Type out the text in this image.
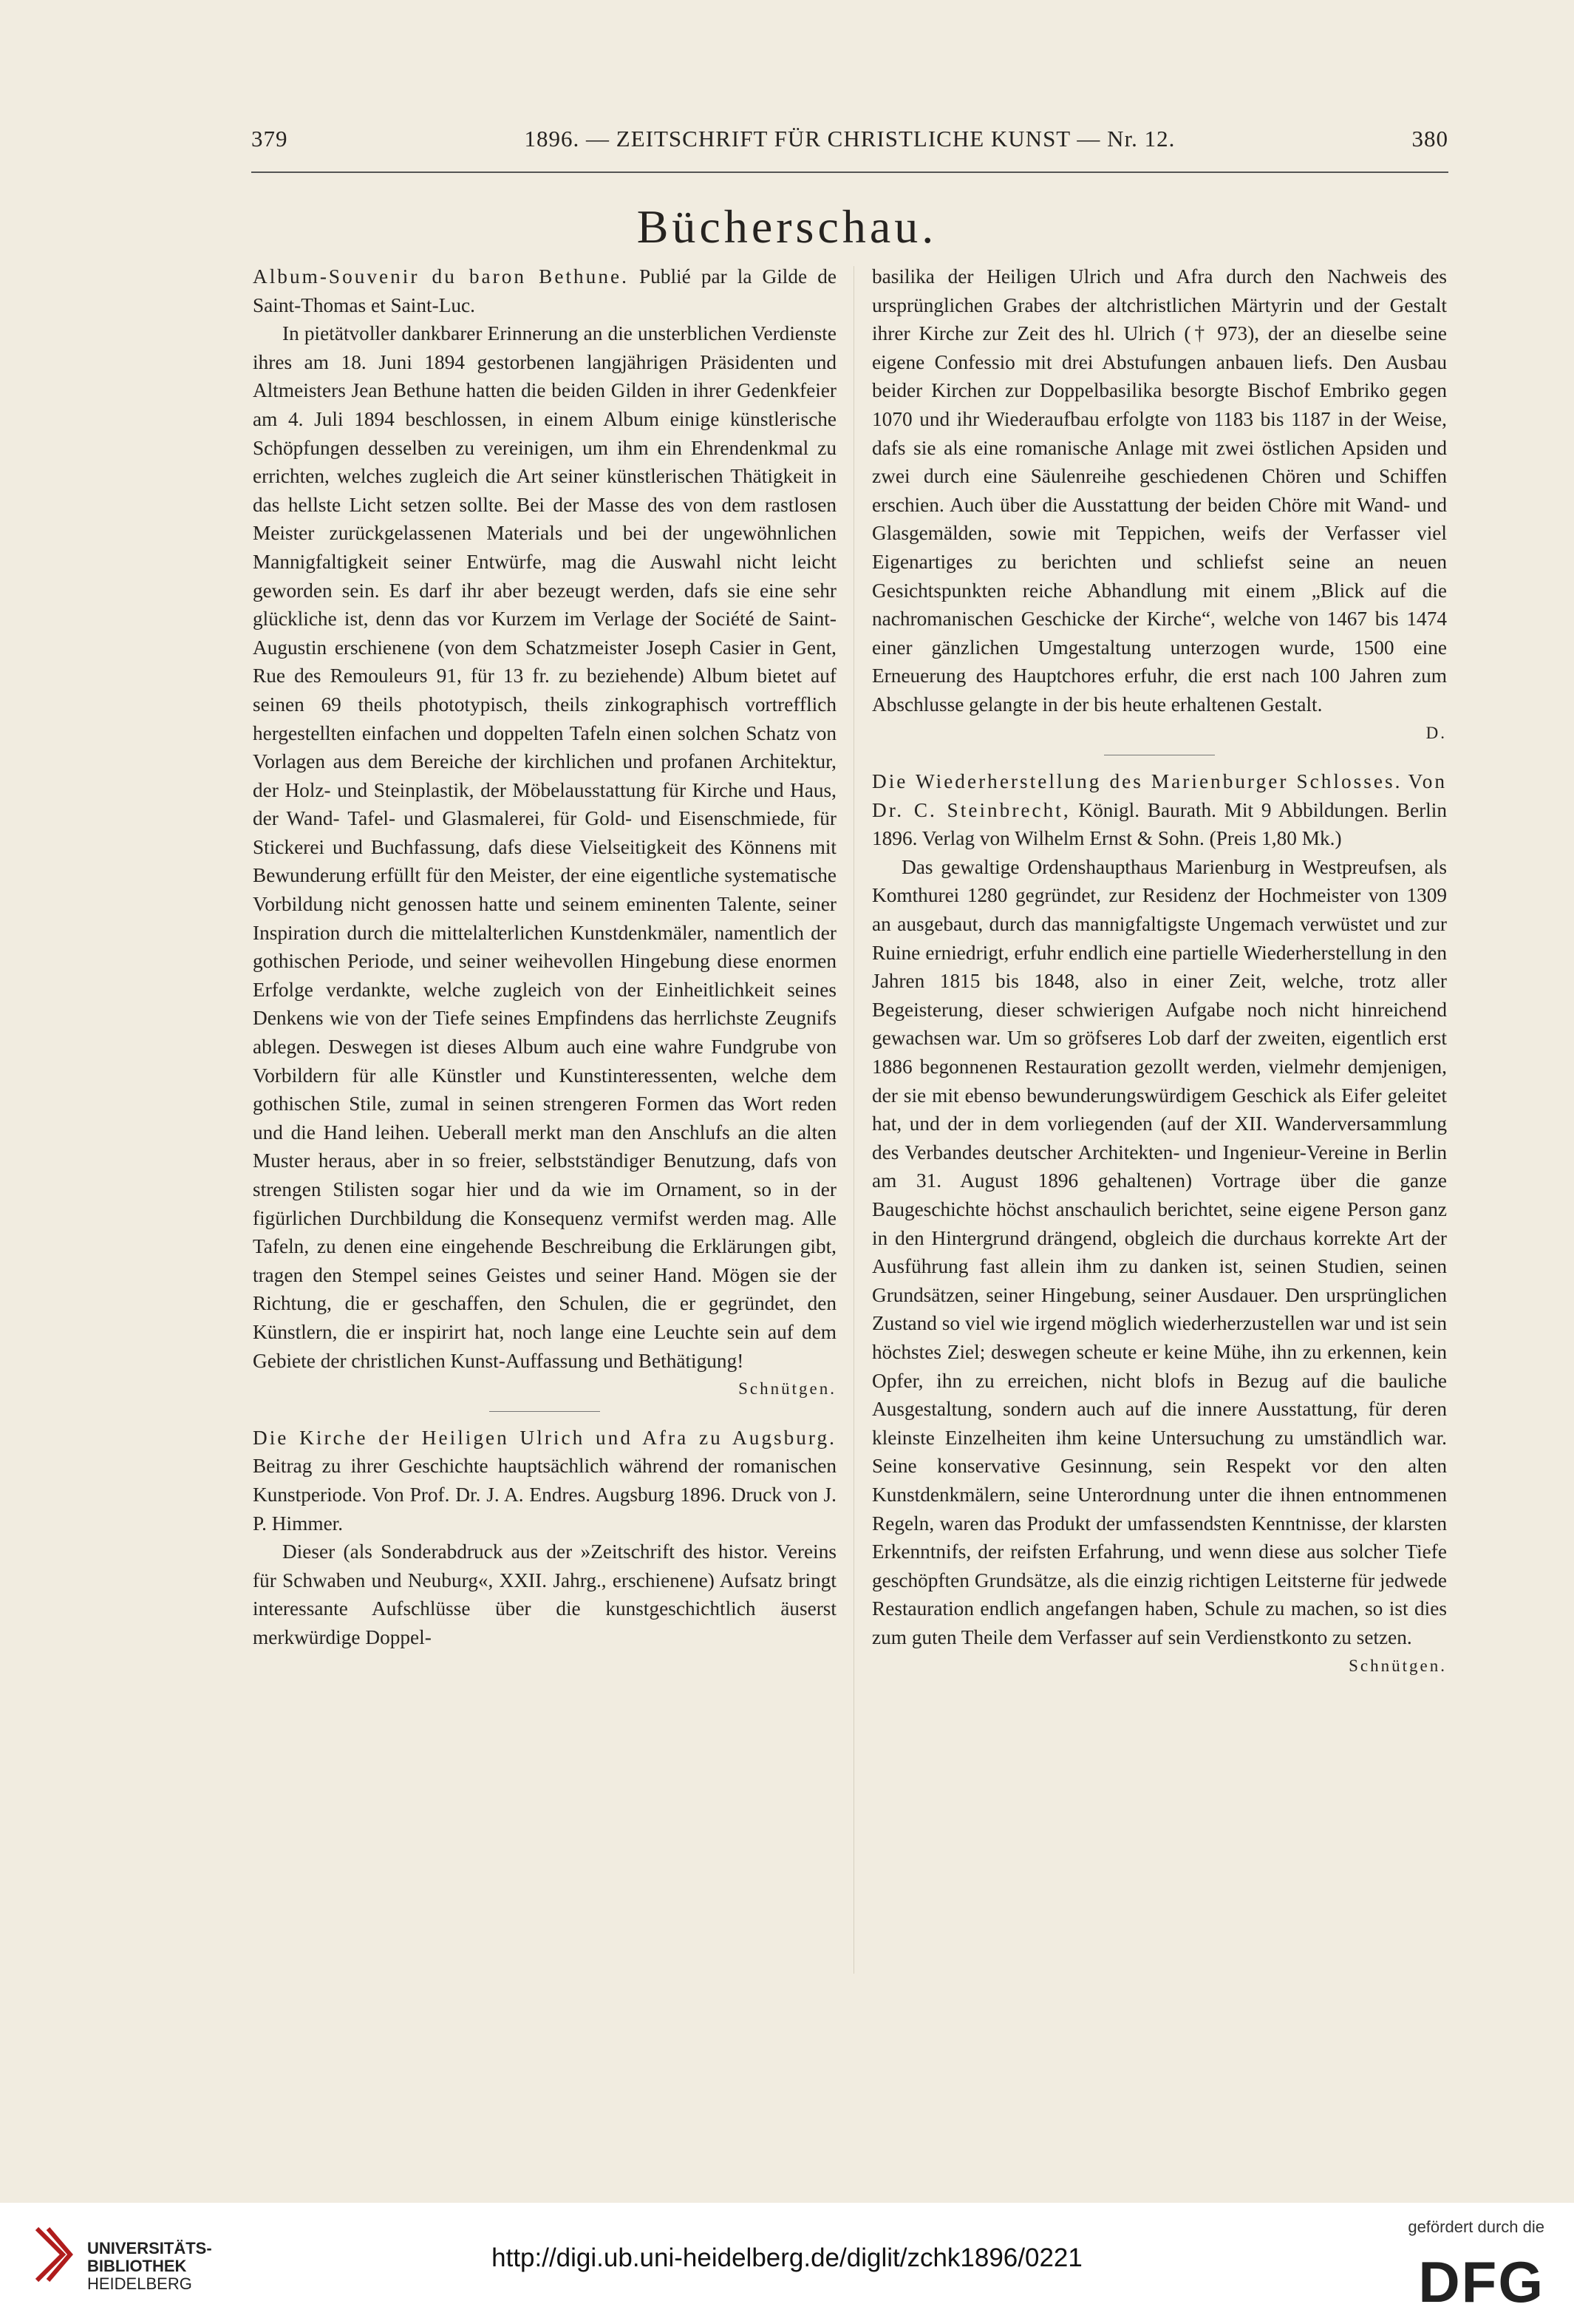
379	1896. — ZEITSCHRIFT FÜR CHRISTLICHE KUNST — Nr. 12.	380
Bücherschau.

Album-Souvenir du baron Bethune. Publié par la Gilde de Saint-Thomas et Saint-Luc.

In pietätvoller dankbarer Erinnerung an die unsterblichen Verdienste ihres am 18. Juni 1894 gestorbenen langjährigen Präsidenten und Altmeisters Jean Bethune hatten die beiden Gilden in ihrer Gedenkfeier am 4. Juli 1894 beschlossen, in einem Album einige künstlerische Schöpfungen desselben zu vereinigen, um ihm ein Ehrendenkmal zu errichten, welches zugleich die Art seiner künstlerischen Thätigkeit in das hellste Licht setzen sollte. Bei der Masse des von dem rastlosen Meister zurückgelassenen Materials und bei der ungewöhnlichen Mannigfaltigkeit seiner Entwürfe, mag die Auswahl nicht leicht geworden sein. Es darf ihr aber bezeugt werden, dafs sie eine sehr glückliche ist, denn das vor Kurzem im Verlage der Société de Saint-Augustin erschienene (von dem Schatzmeister Joseph Casier in Gent, Rue des Remouleurs 91, für 13 fr. zu beziehende) Album bietet auf seinen 69 theils phototypisch, theils zinkographisch vortrefflich hergestellten einfachen und doppelten Tafeln einen solchen Schatz von Vorlagen aus dem Bereiche der kirchlichen und profanen Architektur, der Holz- und Steinplastik, der Möbelausstattung für Kirche und Haus, der Wand- Tafel- und Glasmalerei, für Gold- und Eisenschmiede, für Stickerei und Buchfassung, dafs diese Vielseitigkeit des Könnens mit Bewunderung erfüllt für den Meister, der eine eigentliche systematische Vorbildung nicht genossen hatte und seinem eminenten Talente, seiner Inspiration durch die mittelalterlichen Kunstdenkmäler, namentlich der gothischen Periode, und seiner weihevollen Hingebung diese enormen Erfolge verdankte, welche zugleich von der Einheitlichkeit seines Denkens wie von der Tiefe seines Empfindens das herrlichste Zeugnifs ablegen. Deswegen ist dieses Album auch eine wahre Fundgrube von Vorbildern für alle Künstler und Kunstinteressenten, welche dem gothischen Stile, zumal in seinen strengeren Formen das Wort reden und die Hand leihen. Ueberall merkt man den Anschlufs an die alten Muster heraus, aber in so freier, selbstständiger Benutzung, dafs von strengen Stilisten sogar hier und da wie im Ornament, so in der figürlichen Durchbildung die Konsequenz vermifst werden mag. Alle Tafeln, zu denen eine eingehende Beschreibung die Erklärungen gibt, tragen den Stempel seines Geistes und seiner Hand. Mögen sie der Richtung, die er geschaffen, den Schulen, die er gegründet, den Künstlern, die er inspirirt hat, noch lange eine Leuchte sein auf dem Gebiete der christlichen Kunst-Auffassung und Bethätigung!

Schnütgen.

Die Kirche der Heiligen Ulrich und Afra zu Augsburg. Beitrag zu ihrer Geschichte hauptsächlich während der romanischen Kunstperiode. Von Prof. Dr. J. A. Endres. Augsburg 1896. Druck von J. P. Himmer.

Dieser (als Sonderabdruck aus der »Zeitschrift des histor. Vereins für Schwaben und Neuburg«, XXII. Jahrg., erschienene) Aufsatz bringt interessante Aufschlüsse über die kunstgeschichtlich äuserst merkwürdige Doppel-

basilika der Heiligen Ulrich und Afra durch den Nachweis des ursprünglichen Grabes der altchristlichen Märtyrin und der Gestalt ihrer Kirche zur Zeit des hl. Ulrich († 973), der an dieselbe seine eigene Confessio mit drei Abstufungen anbauen liefs. Den Ausbau beider Kirchen zur Doppelbasilika besorgte Bischof Embriko gegen 1070 und ihr Wiederaufbau erfolgte von 1183 bis 1187 in der Weise, dafs sie als eine romanische Anlage mit zwei östlichen Apsiden und zwei durch eine Säulenreihe geschiedenen Chören und Schiffen erschien. Auch über die Ausstattung der beiden Chöre mit Wand- und Glasgemälden, sowie mit Teppichen, weifs der Verfasser viel Eigenartiges zu berichten und schliefst seine an neuen Gesichtspunkten reiche Abhandlung mit einem „Blick auf die nachromanischen Geschicke der Kirche“, welche von 1467 bis 1474 einer gänzlichen Umgestaltung unterzogen wurde, 1500 eine Erneuerung des Hauptchores erfuhr, die erst nach 100 Jahren zum Abschlusse gelangte in der bis heute erhaltenen Gestalt.

D.

Die Wiederherstellung des Marienburger Schlosses. Von Dr. C. Steinbrecht, Königl. Baurath. Mit 9 Abbildungen. Berlin 1896. Verlag von Wilhelm Ernst & Sohn. (Preis 1,80 Mk.)

Das gewaltige Ordenshaupthaus Marienburg in Westpreufsen, als Komthurei 1280 gegründet, zur Residenz der Hochmeister von 1309 an ausgebaut, durch das mannigfaltigste Ungemach verwüstet und zur Ruine erniedrigt, erfuhr endlich eine partielle Wiederherstellung in den Jahren 1815 bis 1848, also in einer Zeit, welche, trotz aller Begeisterung, dieser schwierigen Aufgabe noch nicht hinreichend gewachsen war. Um so gröfseres Lob darf der zweiten, eigentlich erst 1886 begonnenen Restauration gezollt werden, vielmehr demjenigen, der sie mit ebenso bewunderungswürdigem Geschick als Eifer geleitet hat, und der in dem vorliegenden (auf der XII. Wanderversammlung des Verbandes deutscher Architekten- und Ingenieur-Vereine in Berlin am 31. August 1896 gehaltenen) Vortrage über die ganze Baugeschichte höchst anschaulich berichtet, seine eigene Person ganz in den Hintergrund drängend, obgleich die durchaus korrekte Art der Ausführung fast allein ihm zu danken ist, seinen Studien, seinen Grundsätzen, seiner Hingebung, seiner Ausdauer. Den ursprünglichen Zustand so viel wie irgend möglich wiederherzustellen war und ist sein höchstes Ziel; deswegen scheute er keine Mühe, ihn zu erkennen, kein Opfer, ihn zu erreichen, nicht blofs in Bezug auf die bauliche Ausgestaltung, sondern auch auf die innere Ausstattung, für deren kleinste Einzelheiten ihm keine Untersuchung zu umständlich war. Seine konservative Gesinnung, sein Respekt vor den alten Kunstdenkmälern, seine Unterordnung unter die ihnen entnommenen Regeln, waren das Produkt der umfassendsten Kenntnisse, der klarsten Erkenntnifs, der reifsten Erfahrung, und wenn diese aus solcher Tiefe geschöpften Grundsätze, als die einzig richtigen Leitsterne für jedwede Restauration endlich angefangen haben, Schule zu machen, so ist dies zum guten Theile dem Verfasser auf sein Verdienstkonto zu setzen.

Schnütgen.
UNIVERSITÄTS-
BIBLIOTHEK
HEIDELBERG
http://digi.ub.uni-heidelberg.de/diglit/zchk1896/0221
gefördert durch die
DFG
